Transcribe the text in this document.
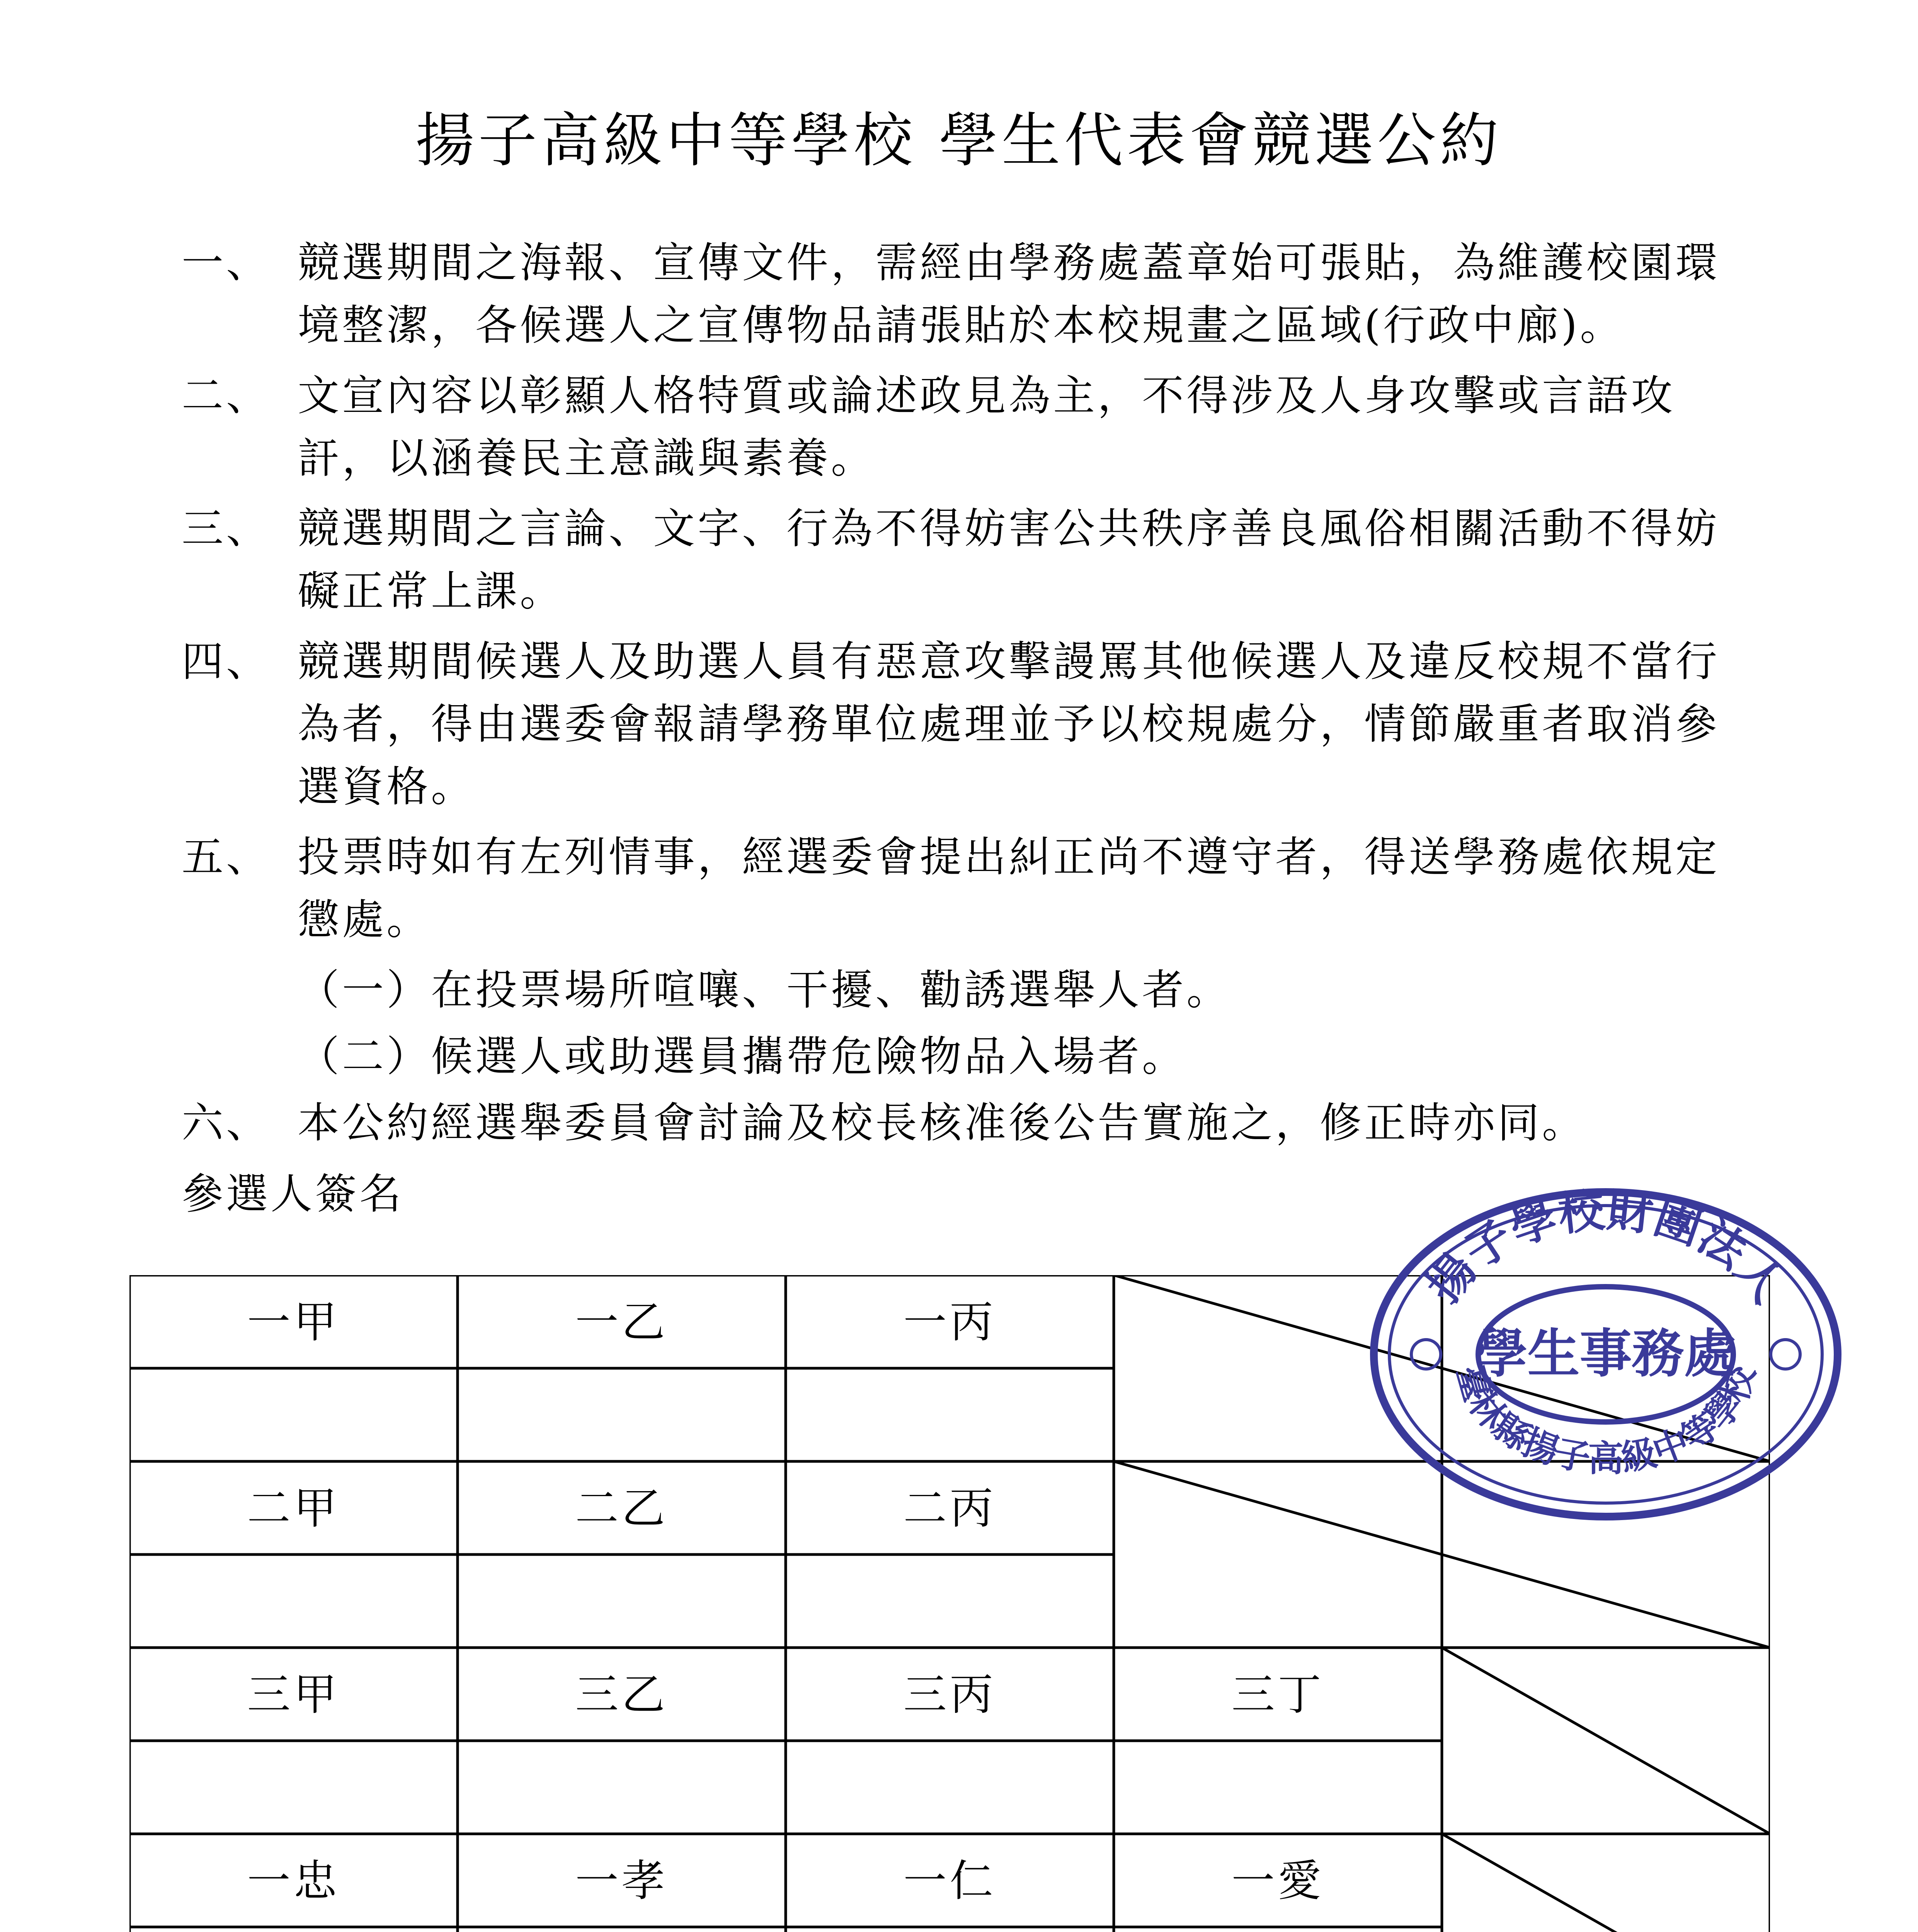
揚子高級中等學校 學生代表會競選公約
一、 競選期間之海報、宣傳文件，需經由學務處蓋章始可張貼，為維護校園環
境整潔，各候選人之宣傳物品請張貼於本校規畫之區域(行政中廊)。
二、 文宣內容以彰顯人格特質或論述政見為主，不得涉及人身攻擊或言語攻
訐，以涵養民主意識與素養。
三、 競選期間之言論、文字、行為不得妨害公共秩序善良風俗相關活動不得妨
礙正常上課。
四、 競選期間候選人及助選人員有惡意攻擊謾罵其他候選人及違反校規不當行
為者，得由選委會報請學務單位處理並予以校規處分，情節嚴重者取消參
選資格。
五、 投票時如有左列情事，經選委會提出糾正尚不遵守者，得送學務處依規定
懲處。
（一）在投票場所喧嚷、干擾、勸誘選舉人者。
（二）候選人或助選員攜帶危險物品入場者。
六、 本公約經選舉委員會討論及校長核准後公告實施之，修正時亦同。
參選人簽名
一甲	一乙	一丙
二甲	二乙	二丙
三甲	三乙	三丙	三丁
一忠	一孝	一仁	一愛
揚子學校財團法人
臺林縣揚子高級中等學校
學生事務處
